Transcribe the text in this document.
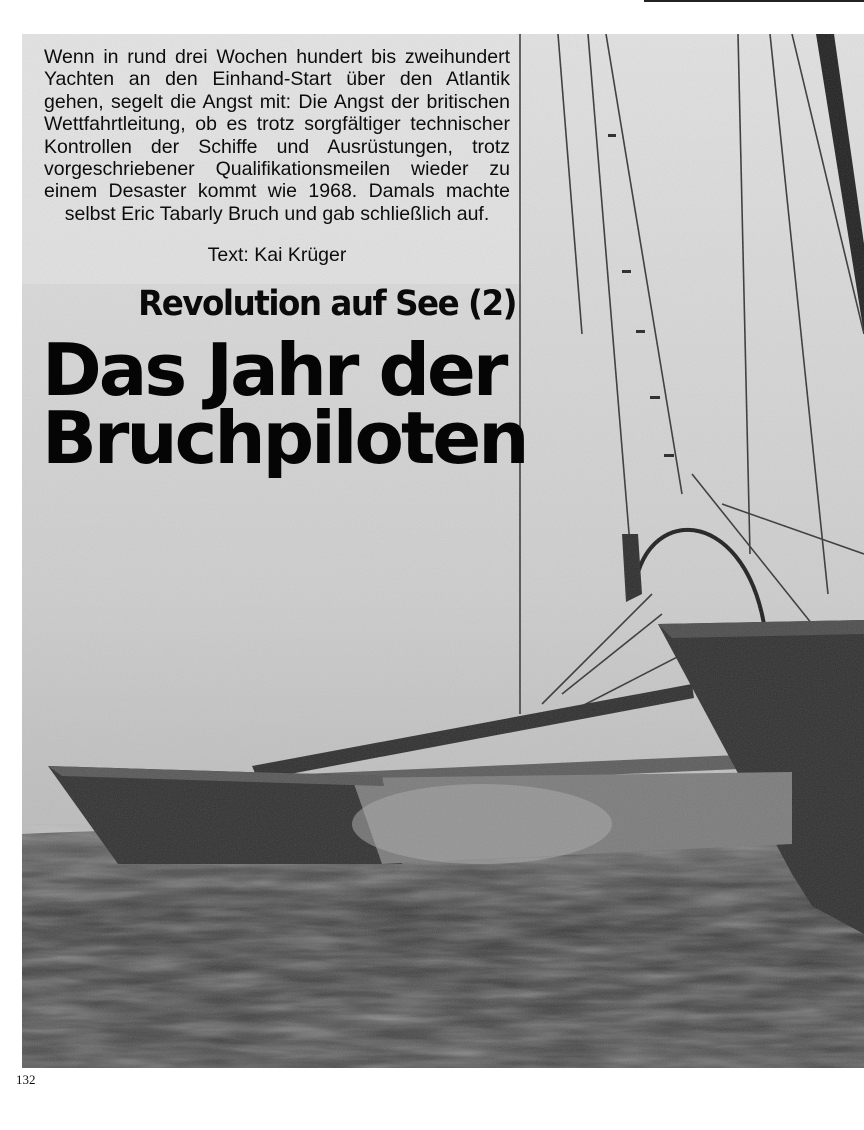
Wenn in rund drei Wochen hundert bis zweihundert Yachten an den Einhand-Start über den Atlantik gehen, segelt die Angst mit: Die Angst der britischen Wettfahrtleitung, ob es trotz sorgfältiger technischer Kontrollen der Schiffe und Ausrüstungen, trotz vorgeschriebener Qualifikationsmeilen wieder zu einem Desaster kommt wie 1968. Damals machte selbst Eric Tabarly Bruch und gab schließlich auf.

Text: Kai Krüger
Revolution auf See (2)
Das Jahr der
Bruchpiloten
132
